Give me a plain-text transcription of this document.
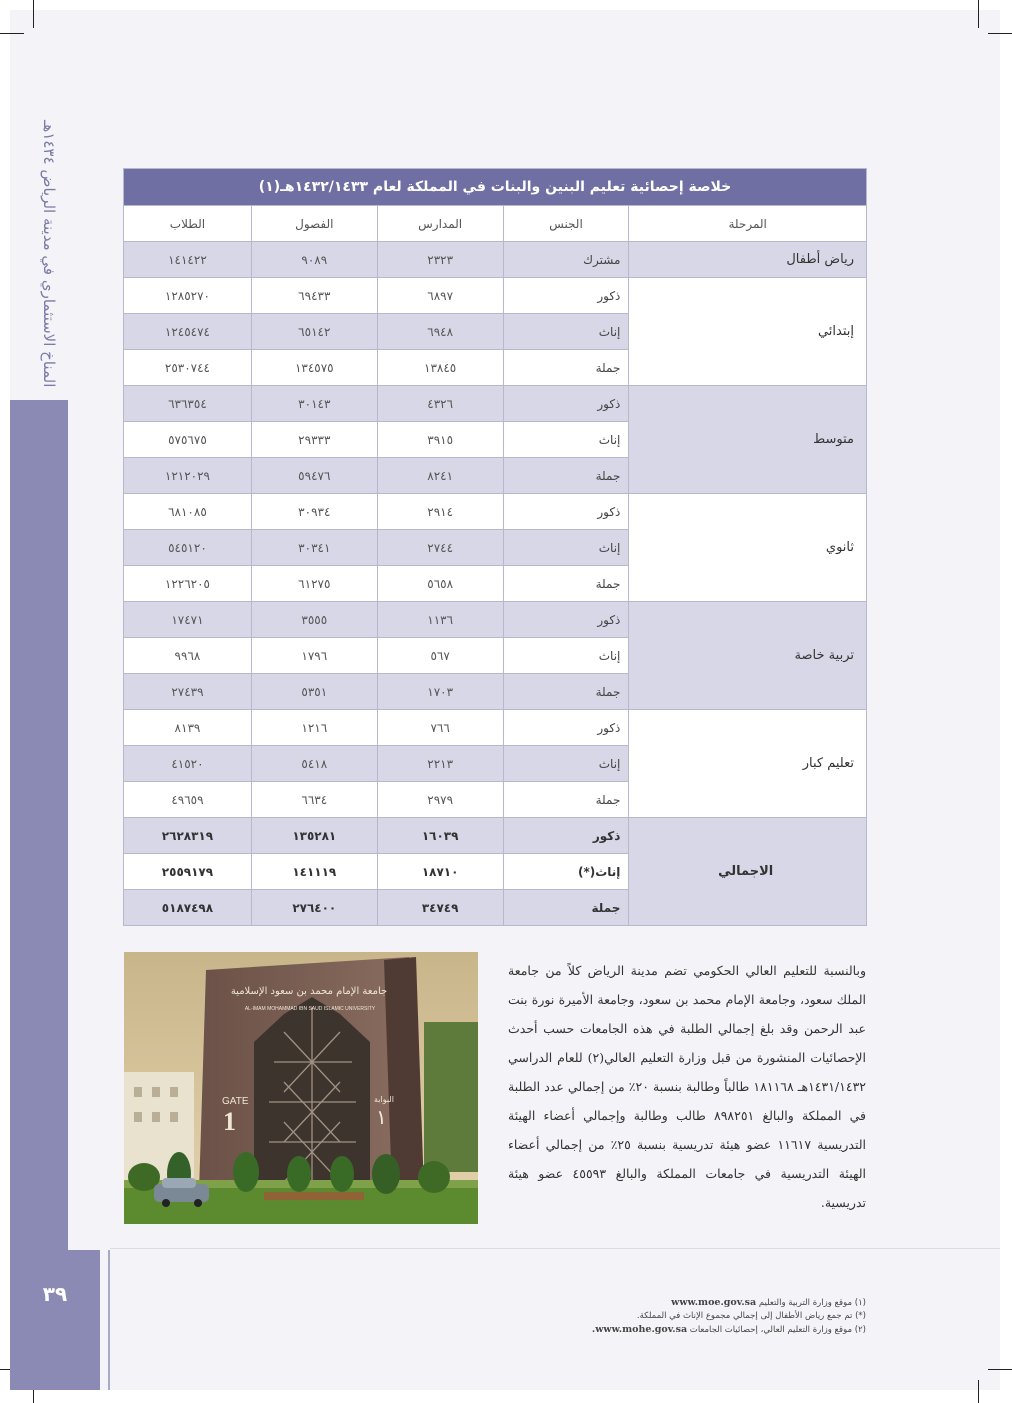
المناخ الاستثماري في مدينة الرياض ١٤٣٤هـ
٣٩
خلاصة إحصائية تعليم البنين والبنات في المملكة لعام ١٤٣٢/١٤٣٣هـ(١)				
المرحلة	الجنس	المدارس	الفصول	الطلاب
رياض أطفال	مشترك	٢٣٢٣	٩٠٨٩	١٤١٤٢٢
إبتدائي	ذكور	٦٨٩٧	٦٩٤٣٣	١٢٨٥٢٧٠
	إناث	٦٩٤٨	٦٥١٤٢	١٢٤٥٤٧٤
	جملة	١٣٨٤٥	١٣٤٥٧٥	٢٥٣٠٧٤٤
متوسط	ذكور	٤٣٢٦	٣٠١٤٣	٦٣٦٣٥٤
	إناث	٣٩١٥	٢٩٣٣٣	٥٧٥٦٧٥
	جملة	٨٢٤١	٥٩٤٧٦	١٢١٢٠٢٩
ثانوي	ذكور	٢٩١٤	٣٠٩٣٤	٦٨١٠٨٥
	إناث	٢٧٤٤	٣٠٣٤١	٥٤٥١٢٠
	جملة	٥٦٥٨	٦١٢٧٥	١٢٢٦٢٠٥
تربية خاصة	ذكور	١١٣٦	٣٥٥٥	١٧٤٧١
	إناث	٥٦٧	١٧٩٦	٩٩٦٨
	جملة	١٧٠٣	٥٣٥١	٢٧٤٣٩
تعليم كبار	ذكور	٧٦٦	١٢١٦	٨١٣٩
	إناث	٢٢١٣	٥٤١٨	٤١٥٢٠
	جملة	٢٩٧٩	٦٦٣٤	٤٩٦٥٩
الاجمالي	ذكور	١٦٠٣٩	١٣٥٢٨١	٢٦٢٨٣١٩
	إناث(*)	١٨٧١٠	١٤١١١٩	٢٥٥٩١٧٩
	جملة	٣٤٧٤٩	٢٧٦٤٠٠	٥١٨٧٤٩٨
GATE
1
البوابة
١
جامعة الإمام محمد بن سعود الإسلامية
AL-IMAM MOHAMMAD IBN SAUD ISLAMIC UNIVERSITY
وبالنسبة للتعليم العالي الحكومي تضم مدينة الرياض كلاً من جامعة الملك سعود، وجامعة الإمام محمد بن سعود، وجامعة الأميرة نورة بنت عبد الرحمن وقد بلغ إجمالي الطلبة في هذه الجامعات حسب أحدث الإحصائيات المنشورة من قبل وزارة التعليم العالي(٢) للعام الدراسي ١٤٣١/١٤٣٢هـ ١٨١١٦٨ طالباً وطالبة بنسبة ٢٠٪ من إجمالي عدد الطلبة في المملكة والبالغ ٨٩٨٢٥١ طالب وطالبة وإجمالي أعضاء الهيئة التدريسية ١١٦١٧ عضو هيئة تدريسية بنسبة ٢٥٪ من إجمالي أعضاء الهيئة التدريسية في جامعات المملكة والبالغ ٤٥٥٩٣ عضو هيئة تدريسية.
(١) موقع وزارة التربية والتعليم www.moe.gov.sa
(*) تم جمع رياض الأطفال إلى إجمالي مجموع الإناث في المملكة.
(٢) موقع وزارة التعليم العالي، إحصائيات الجامعات www.mohe.gov.sa.
